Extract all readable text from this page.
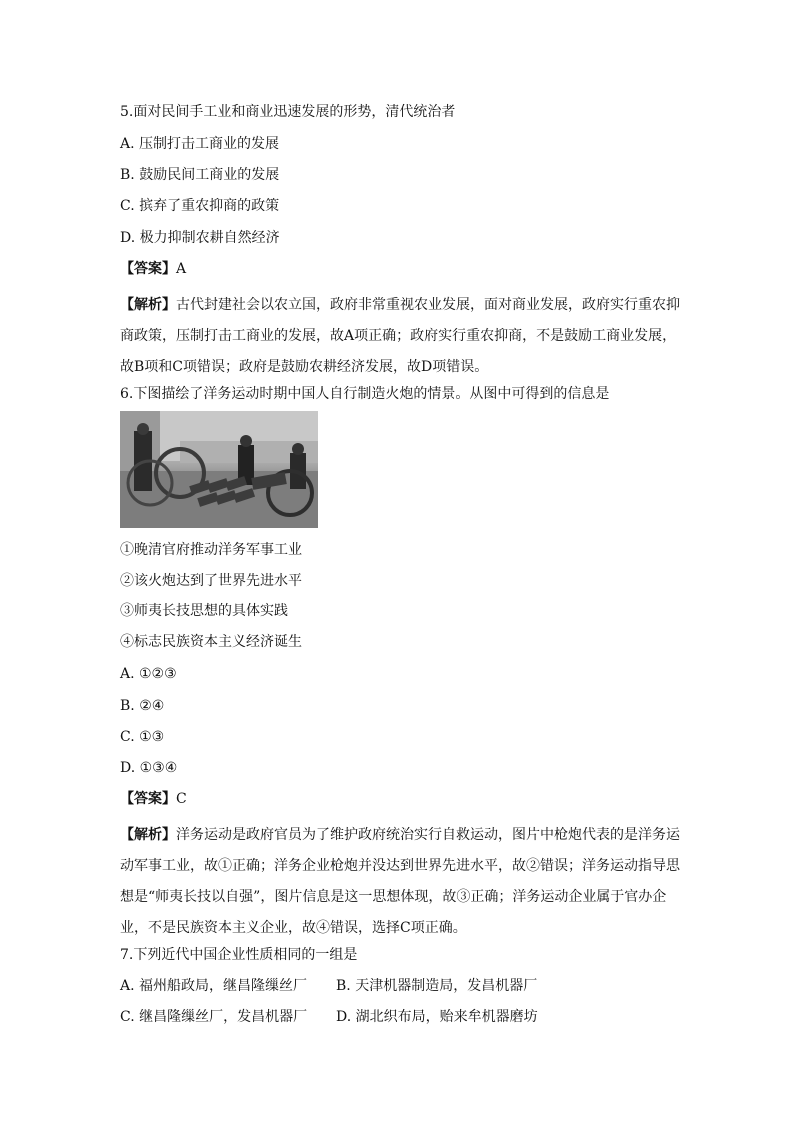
5.面对民间手工业和商业迅速发展的形势，清代统治者
A. 压制打击工商业的发展
B. 鼓励民间工商业的发展
C. 摈弃了重农抑商的政策
D. 极力抑制农耕自然经济
【答案】A
【解析】古代封建社会以农立国，政府非常重视农业发展，面对商业发展，政府实行重农抑商政策，压制打击工商业的发展，故A项正确；政府实行重农抑商，不是鼓励工商业发展，故B项和C项错误；政府是鼓励农耕经济发展，故D项错误。
6.下图描绘了洋务运动时期中国人自行制造火炮的情景。从图中可得到的信息是
①晚清官府推动洋务军事工业
②该火炮达到了世界先进水平
③师夷长技思想的具体实践
④标志民族资本主义经济诞生
A. ①②③
B. ②④
C. ①③
D. ①③④
【答案】C
【解析】洋务运动是政府官员为了维护政府统治实行自救运动，图片中枪炮代表的是洋务运动军事工业，故①正确；洋务企业枪炮并没达到世界先进水平，故②错误；洋务运动指导思想是“师夷长技以自强”，图片信息是这一思想体现，故③正确；洋务运动企业属于官办企业，不是民族资本主义企业，故④错误，选择C项正确。
7.下列近代中国企业性质相同的一组是
A. 福州船政局，继昌隆缫丝厂 B. 天津机器制造局，发昌机器厂
C. 继昌隆缫丝厂，发昌机器厂 D. 湖北织布局，贻来牟机器磨坊
